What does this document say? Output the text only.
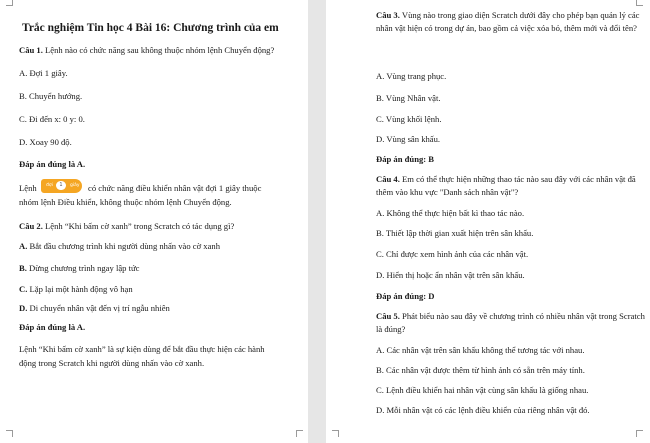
Trắc nghiệm Tin học 4 Bài 16: Chương trình của em
Câu 1. Lệnh nào có chức năng sau không thuộc nhóm lệnh Chuyển động?
A. Đợi 1 giây.
B. Chuyển hướng.
C. Đi đến x: 0 y: 0.
D. Xoay 90 độ.
Đáp án đúng là A.
Lệnh đợi	1	giây có chức năng điều khiển nhân vật đợi 1 giây thuộc
nhóm lệnh Điều khiển, không thuộc nhóm lệnh Chuyển động.
Câu 2. Lệnh “Khi bấm cờ xanh” trong Scratch có tác dụng gì?
A. Bắt đầu chương trình khi người dùng nhấn vào cờ xanh
B. Dừng chương trình ngay lập tức
C. Lặp lại một hành động vô hạn
D. Di chuyển nhân vật đến vị trí ngẫu nhiên
Đáp án đúng là A.
Lệnh “Khi bấm cờ xanh” là sự kiện dùng để bắt đầu thực hiện các hành
động trong Scratch khi người dùng nhấn vào cờ xanh.
Câu 3. Vùng nào trong giao diện Scratch dưới đây cho phép bạn quản lý các nhân vật hiện có trong dự án, bao gồm cả việc xóa bỏ, thêm mới và đổi tên?
A. Vùng trang phục.
B. Vùng Nhân vật.
C. Vùng khối lệnh.
D. Vùng sân khấu.
Đáp án đúng: B
Câu 4. Em có thể thực hiện những thao tác nào sau đây với các nhân vật đã thêm vào khu vực "Danh sách nhân vật"?
A. Không thể thực hiện bất kì thao tác nào.
B. Thiết lập thời gian xuất hiện trên sân khấu.
C. Chỉ được xem hình ảnh của các nhân vật.
D. Hiển thị hoặc ẩn nhân vật trên sân khấu.
Đáp án đúng: D
Câu 5. Phát biểu nào sau đây về chương trình có nhiều nhân vật trong Scratch là đúng?
A. Các nhân vật trên sân khấu không thể tương tác với nhau.
B. Các nhân vật được thêm từ hình ảnh có sẵn trên máy tính.
C. Lệnh điều khiển hai nhân vật cùng sân khấu là giống nhau.
D. Mỗi nhân vật có các lệnh điều khiển của riêng nhân vật đó.
